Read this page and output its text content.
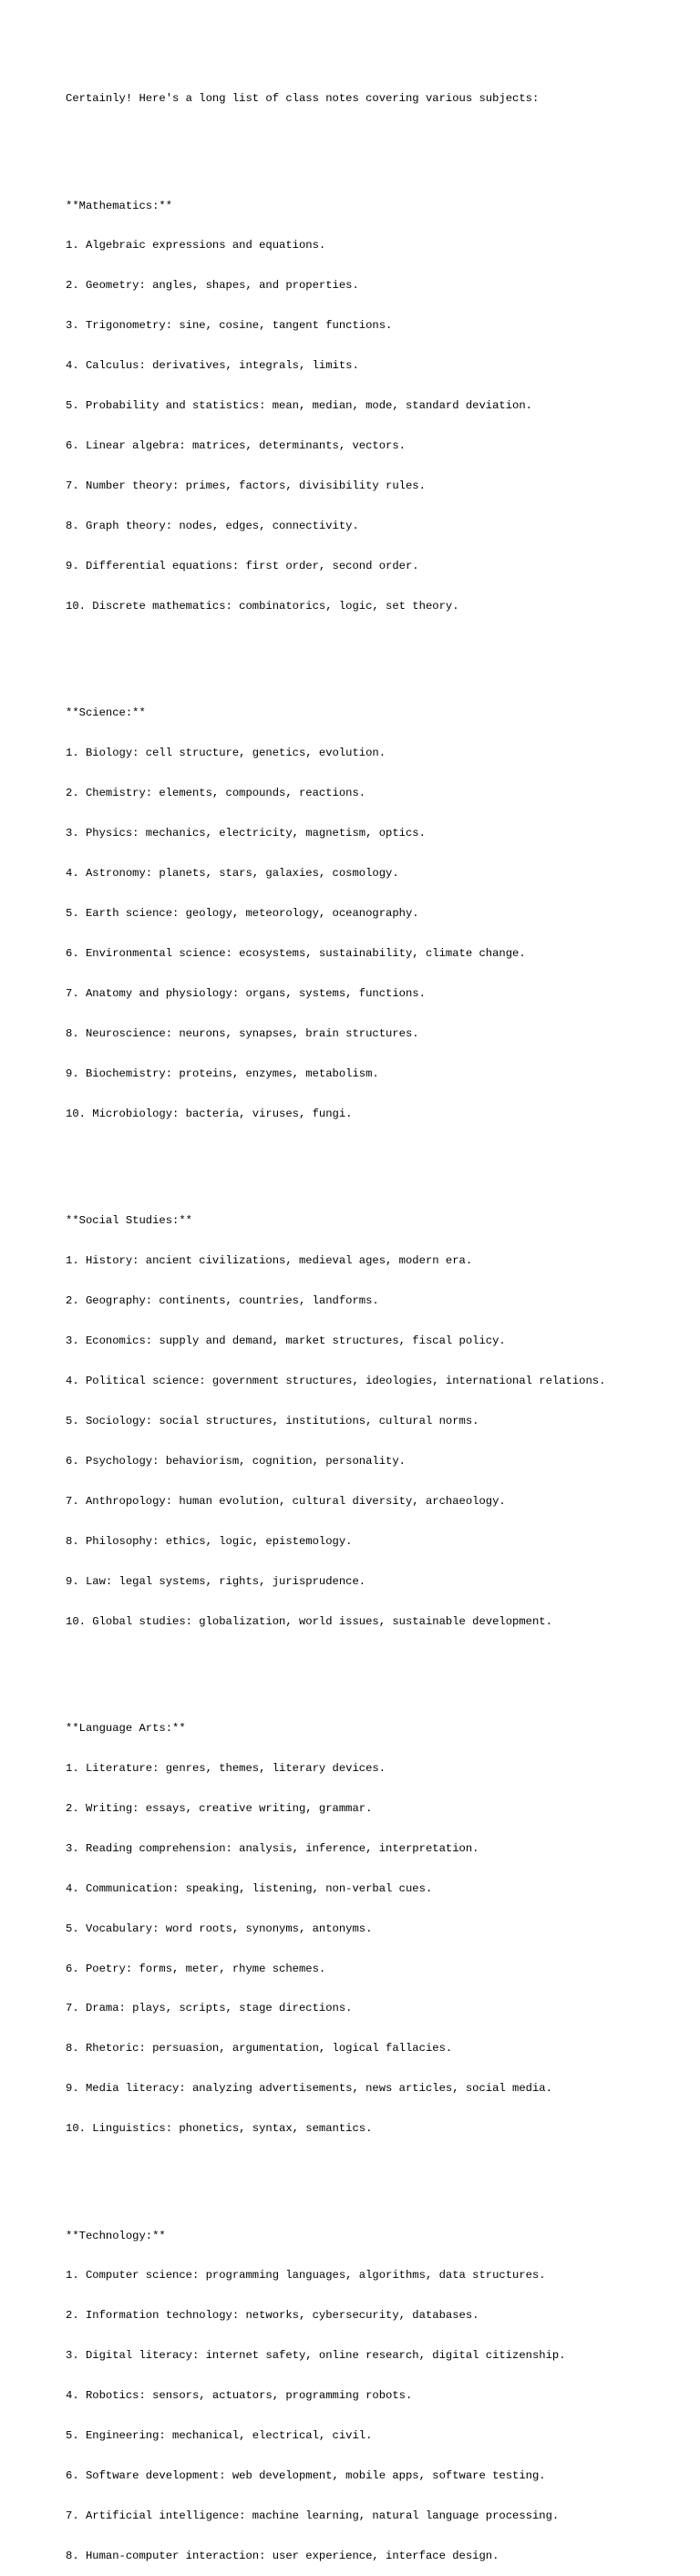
Certainly! Here's a long list of class notes covering various subjects:

**Mathematics:**

1. Algebraic expressions and equations.

2. Geometry: angles, shapes, and properties.

3. Trigonometry: sine, cosine, tangent functions.

4. Calculus: derivatives, integrals, limits.

5. Probability and statistics: mean, median, mode, standard deviation.

6. Linear algebra: matrices, determinants, vectors.

7. Number theory: primes, factors, divisibility rules.

8. Graph theory: nodes, edges, connectivity.

9. Differential equations: first order, second order.

10. Discrete mathematics: combinatorics, logic, set theory.

**Science:**

1. Biology: cell structure, genetics, evolution.

2. Chemistry: elements, compounds, reactions.

3. Physics: mechanics, electricity, magnetism, optics.

4. Astronomy: planets, stars, galaxies, cosmology.

5. Earth science: geology, meteorology, oceanography.

6. Environmental science: ecosystems, sustainability, climate change.

7. Anatomy and physiology: organs, systems, functions.

8. Neuroscience: neurons, synapses, brain structures.

9. Biochemistry: proteins, enzymes, metabolism.

10. Microbiology: bacteria, viruses, fungi.

**Social Studies:**

1. History: ancient civilizations, medieval ages, modern era.

2. Geography: continents, countries, landforms.

3. Economics: supply and demand, market structures, fiscal policy.

4. Political science: government structures, ideologies, international relations.

5. Sociology: social structures, institutions, cultural norms.

6. Psychology: behaviorism, cognition, personality.

7. Anthropology: human evolution, cultural diversity, archaeology.

8. Philosophy: ethics, logic, epistemology.

9. Law: legal systems, rights, jurisprudence.

10. Global studies: globalization, world issues, sustainable development.

**Language Arts:**

1. Literature: genres, themes, literary devices.

2. Writing: essays, creative writing, grammar.

3. Reading comprehension: analysis, inference, interpretation.

4. Communication: speaking, listening, non-verbal cues.

5. Vocabulary: word roots, synonyms, antonyms.

6. Poetry: forms, meter, rhyme schemes.

7. Drama: plays, scripts, stage directions.

8. Rhetoric: persuasion, argumentation, logical fallacies.

9. Media literacy: analyzing advertisements, news articles, social media.

10. Linguistics: phonetics, syntax, semantics.

**Technology:**

1. Computer science: programming languages, algorithms, data structures.

2. Information technology: networks, cybersecurity, databases.

3. Digital literacy: internet safety, online research, digital citizenship.

4. Robotics: sensors, actuators, programming robots.

5. Engineering: mechanical, electrical, civil.

6. Software development: web development, mobile apps, software testing.

7. Artificial intelligence: machine learning, natural language processing.

8. Human-computer interaction: user experience, interface design.
